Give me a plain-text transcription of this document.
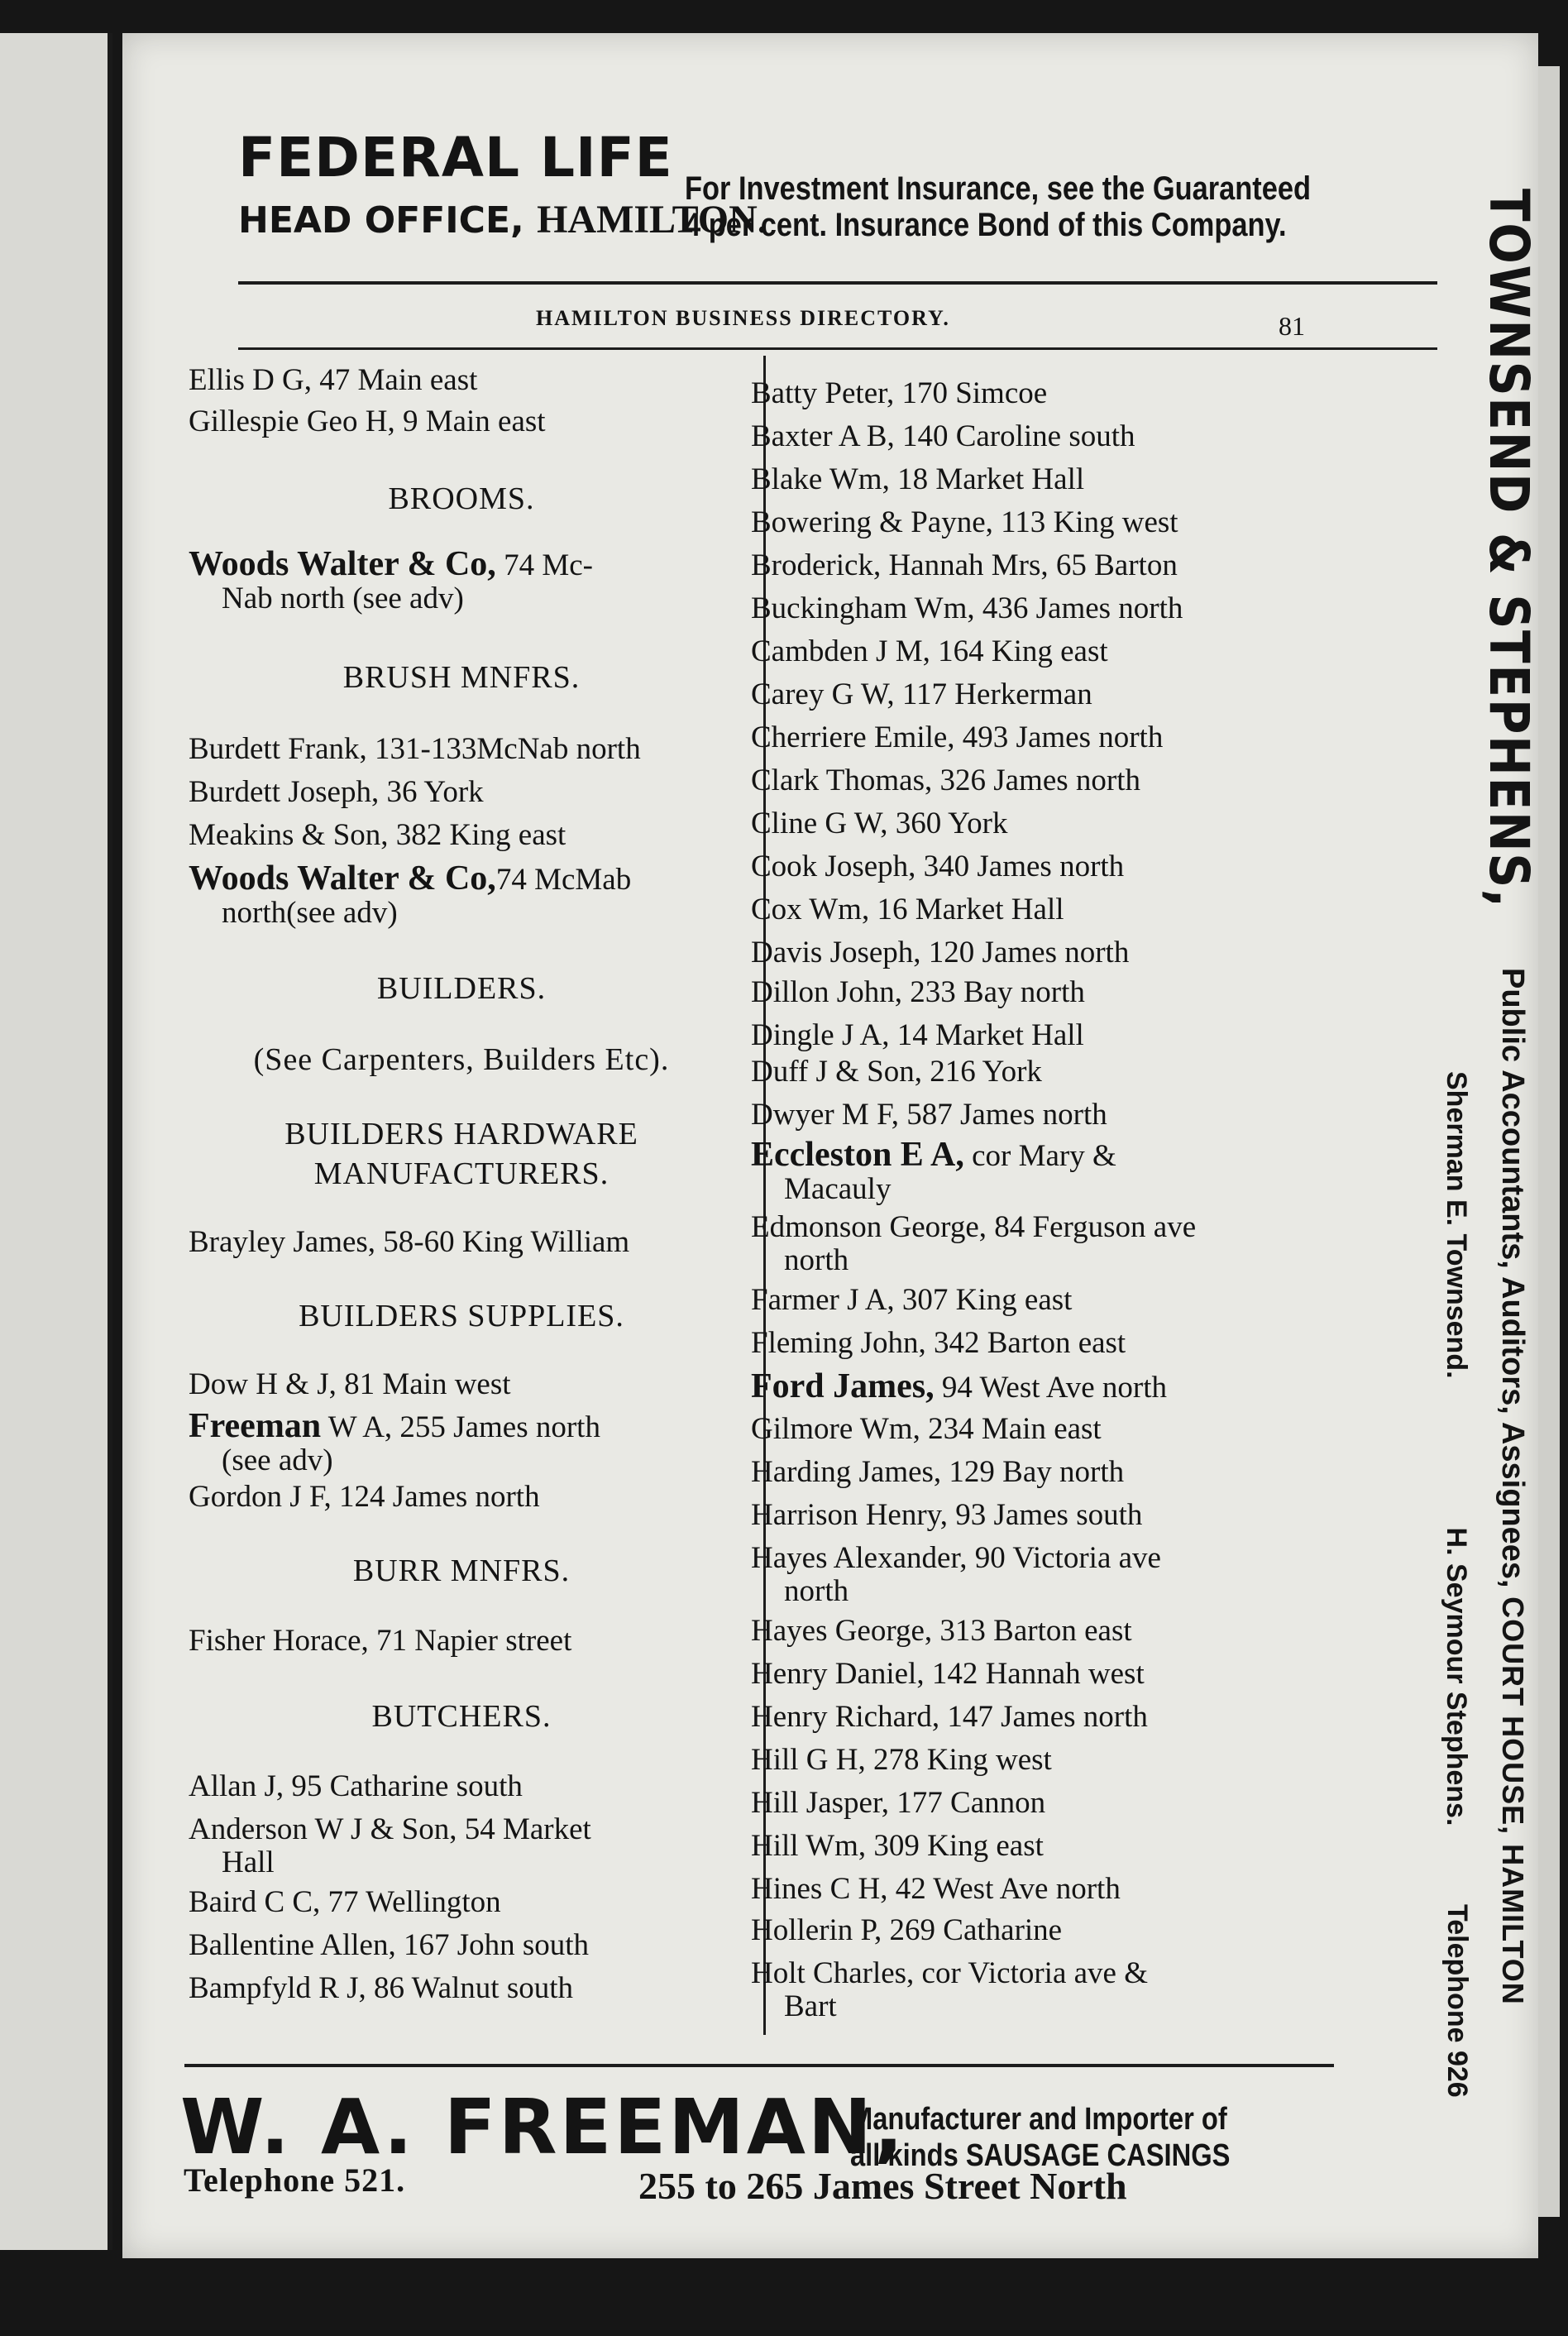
FEDERAL LIFE
HEAD OFFICE, HAMILTON.
For Investment Insurance, see the Guaranteed
4 per cent. Insurance Bond of this Company.
HAMILTON BUSINESS DIRECTORY.	81
Ellis D G, 47 Main east
Gillespie Geo H, 9 Main east
BROOMS.
Woods Walter & Co, 74 Mc-
Nab north (see adv)
BRUSH MNFRS.
Burdett Frank, 131-133McNab north
Burdett Joseph, 36 York
Meakins & Son, 382 King east
Woods Walter & Co,74 McMab
north(see adv)
BUILDERS.
(See Carpenters, Builders Etc).
BUILDERS HARDWARE
MANUFACTURERS.
Brayley James, 58-60 King William
BUILDERS SUPPLIES.
Dow H & J, 81 Main west
Freeman W A, 255 James north
(see adv)
Gordon J F, 124 James north
BURR MNFRS.
Fisher Horace, 71 Napier street
BUTCHERS.
Allan J, 95 Catharine south
Anderson W J & Son, 54 Market
Hall
Baird C C, 77 Wellington
Ballentine Allen, 167 John south
Bampfyld R J, 86 Walnut south
Batty Peter, 170 Simcoe
Baxter A B, 140 Caroline south
Blake Wm, 18 Market Hall
Bowering & Payne, 113 King west
Broderick, Hannah Mrs, 65 Barton
Buckingham Wm, 436 James north
Cambden J M, 164 King east
Carey G W, 117 Herkerman
Cherriere Emile, 493 James north
Clark Thomas, 326 James north
Cline G W, 360 York
Cook Joseph, 340 James north
Cox Wm, 16 Market Hall
Davis Joseph, 120 James north
Dillon John, 233 Bay north
Dingle J A, 14 Market Hall
Duff J & Son, 216 York
Dwyer M F, 587 James north
Eccleston E A, cor Mary &
Macauly
Edmonson George, 84 Ferguson ave
north
Farmer J A, 307 King east
Fleming John, 342 Barton east
Ford James, 94 West Ave north
Gilmore Wm, 234 Main east
Harding James, 129 Bay north
Harrison Henry, 93 James south
Hayes Alexander, 90 Victoria ave
north
Hayes George, 313 Barton east
Henry Daniel, 142 Hannah west
Henry Richard, 147 James north
Hill G H, 278 King west
Hill Jasper, 177 Cannon
Hill Wm, 309 King east
Hines C H, 42 West Ave north
Hollerin P, 269 Catharine
Holt Charles, cor Victoria ave &
Bart
TOWNSEND & STEPHENS,
Public Accountants, Auditors, Assignees, COURT HOUSE, HAMILTON
Sherman E. Townsend.H. Seymour Stephens.
Telephone 926
W. A. FREEMAN,
Manufacturer and Importer of
all kinds SAUSAGE CASINGS
Telephone 521.	255 to 265 James Street North
